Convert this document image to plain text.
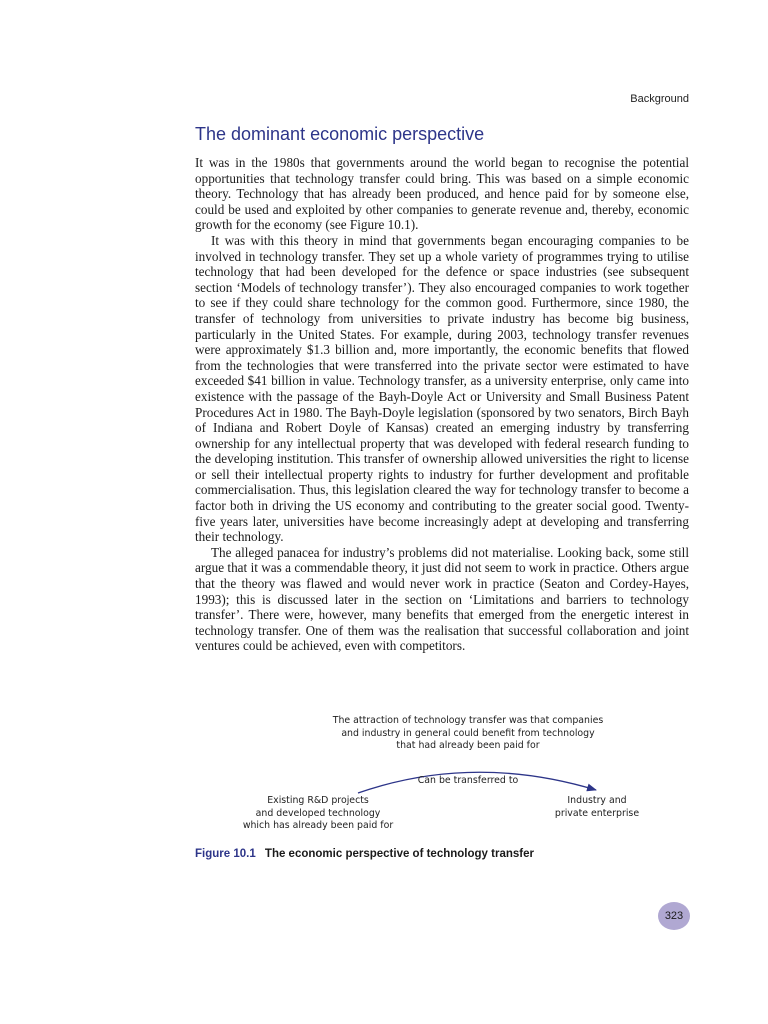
Background
The dominant economic perspective

It was in the 1980s that governments around the world began to recognise the potential opportunities that technology transfer could bring. This was based on a simple economic theory. Technology that has already been produced, and hence paid for by someone else, could be used and exploited by other companies to generate revenue and, thereby, economic growth for the economy (see Figure 10.1).

It was with this theory in mind that governments began encouraging companies to be involved in technology transfer. They set up a whole variety of programmes trying to utilise technology that had been developed for the defence or space industries (see subsequent section ‘Models of technology transfer’). They also encouraged companies to work together to see if they could share technology for the common good. Furthermore, since 1980, the transfer of technology from universities to private industry has become big business, particularly in the United States. For example, during 2003, technology transfer revenues were approximately $1.3 billion and, more importantly, the economic benefits that flowed from the technologies that were transferred into the private sector were estimated to have exceeded $41 billion in value. Technology transfer, as a university enterprise, only came into existence with the passage of the Bayh-Doyle Act or University and Small Business Patent Procedures Act in 1980. The Bayh-Doyle legislation (sponsored by two senators, Birch Bayh of Indiana and Robert Doyle of Kansas) created an emerging industry by transferring ownership for any intellectual property that was developed with federal research funding to the developing institution. This transfer of ownership allowed universities the right to license or sell their intellectual property rights to industry for further development and profitable commercialisation. Thus, this legislation cleared the way for technology transfer to become a factor both in driving the US economy and contributing to the greater social good. Twenty-five years later, universities have become increasingly adept at developing and transferring their technology.

The alleged panacea for industry’s problems did not materialise. Looking back, some still argue that it was a commendable theory, it just did not seem to work in practice. Others argue that the theory was flawed and would never work in practice (Seaton and Cordey-Hayes, 1993); this is discussed later in the section on ‘Limitations and barriers to technology transfer’. There were, however, many benefits that emerged from the energetic interest in technology transfer. One of them was the realisation that successful collaboration and joint ventures could be achieved, even with competitors.

The attraction of technology transfer was that companies
and industry in general could benefit from technology
that had already been paid for
Can be transferred to
Existing R&D projects
and developed technology
which has already been paid for
Industry and
private enterprise
Figure 10.1 The economic perspective of technology transfer
323
